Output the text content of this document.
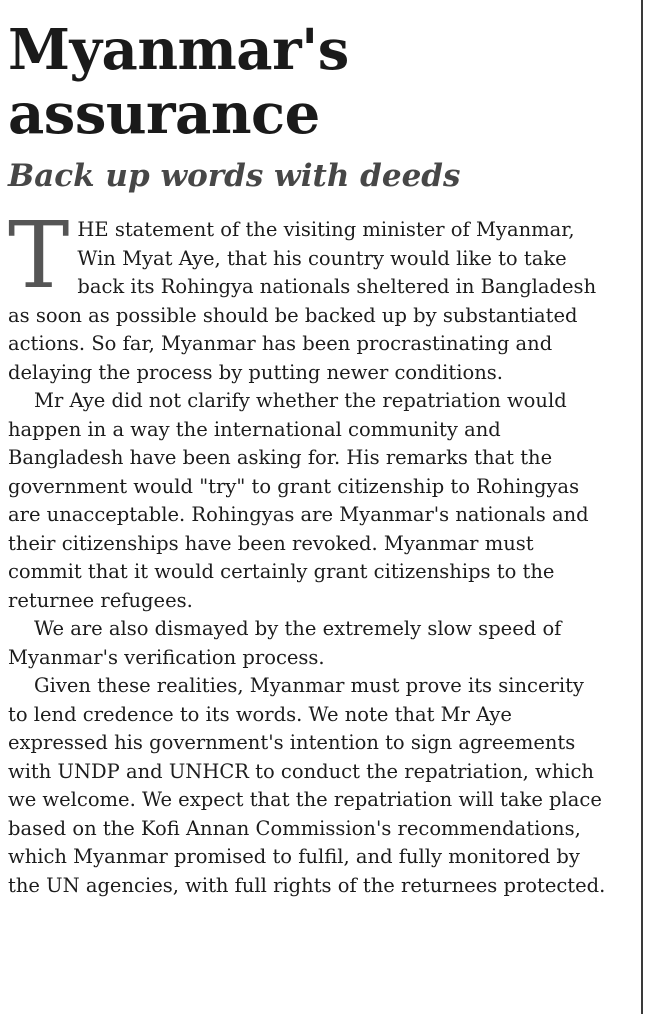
Myanmar's
assurance
Back up words with deeds

THE statement of the visiting minister of Myanmar, Win Myat Aye, that his country would like to take back its Rohingya nationals sheltered in Bangladesh as soon as possible should be backed up by substantiated actions. So far, Myanmar has been procrastinating and delaying the process by putting newer conditions.

Mr Aye did not clarify whether the repatriation would happen in a way the international community and Bangladesh have been asking for. His remarks that the government would "try" to grant citizenship to Rohingyas are unacceptable. Rohingyas are Myanmar's nationals and their citizenships have been revoked. Myanmar must commit that it would certainly grant citizenships to the returnee refugees.

We are also dismayed by the extremely slow speed of Myanmar's verification process.

Given these realities, Myanmar must prove its sincerity to lend credence to its words. We note that Mr Aye expressed his government's intention to sign agreements with UNDP and UNHCR to conduct the repatriation, which we welcome. We expect that the repatriation will take place based on the Kofi Annan Commission's recommendations, which Myanmar promised to fulfil, and fully monitored by the UN agencies, with full rights of the returnees protected.
